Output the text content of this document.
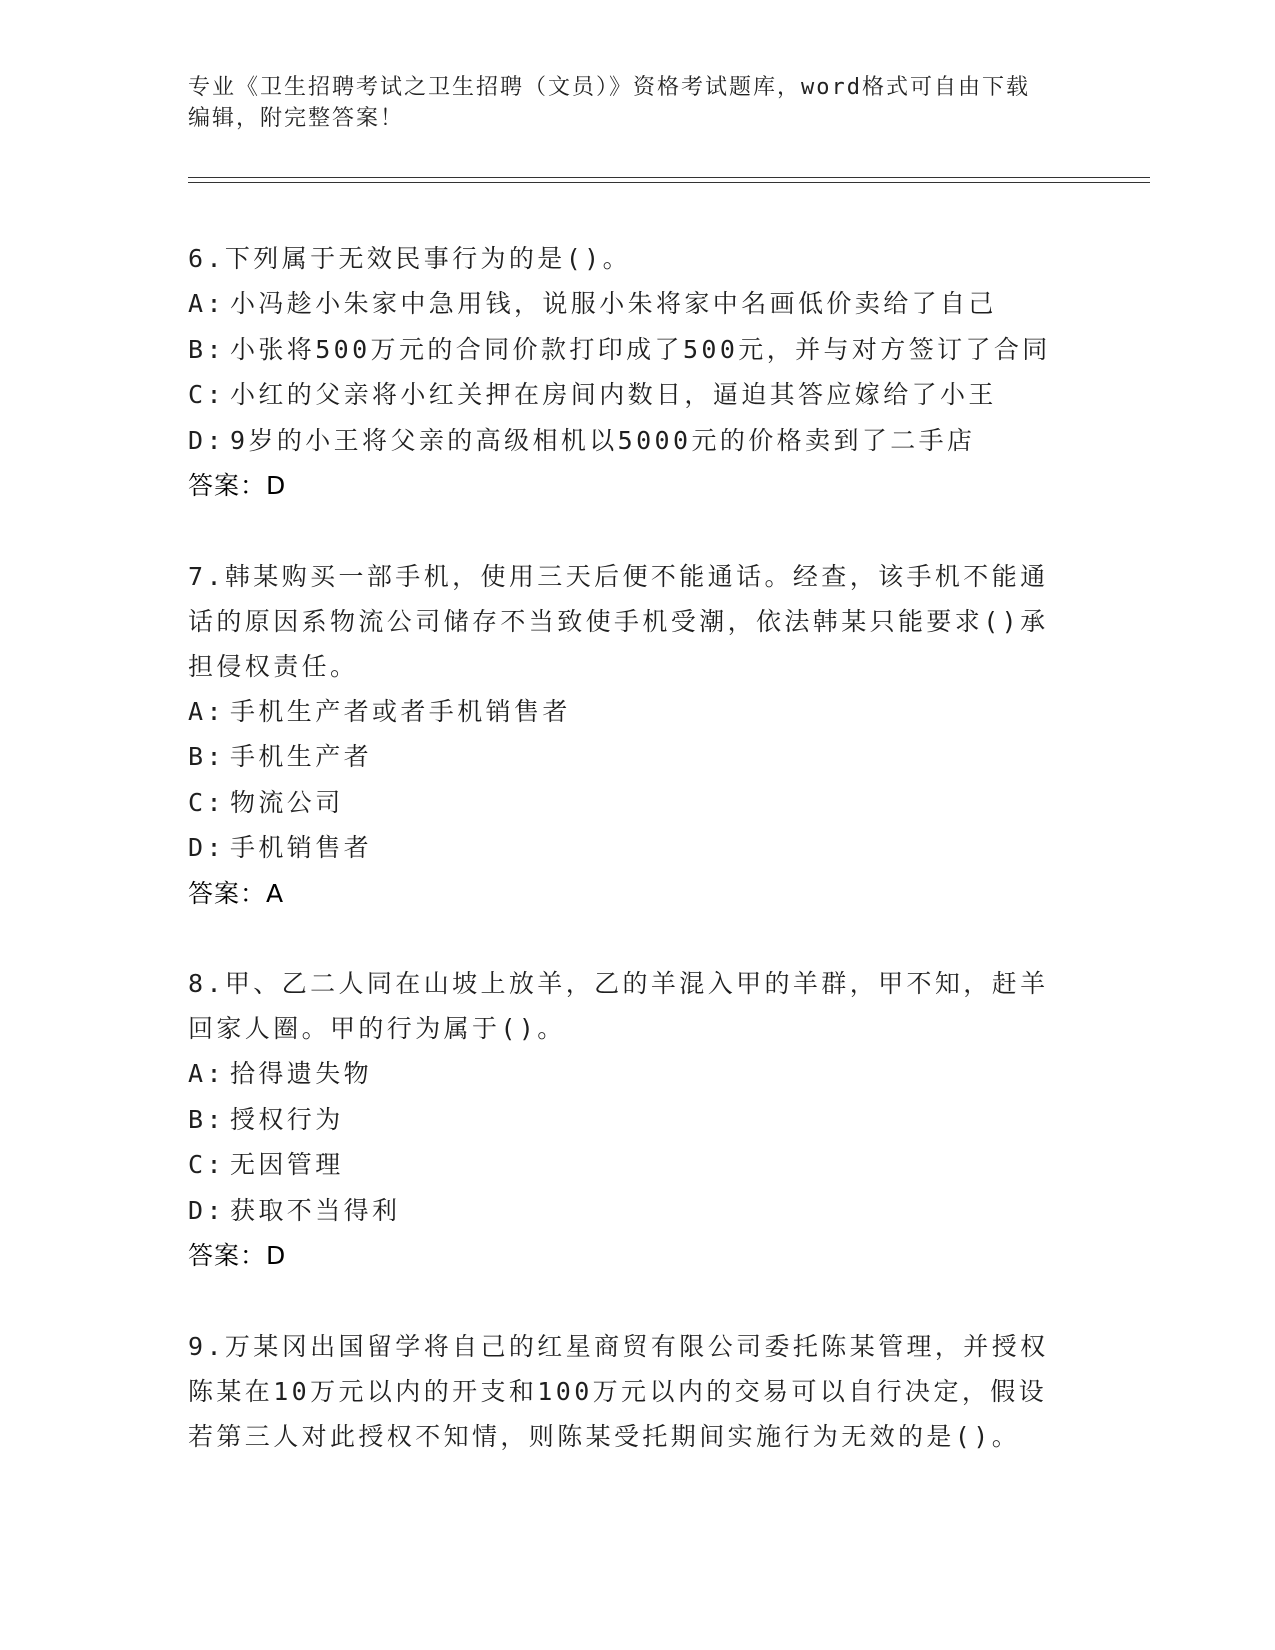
专业《卫生招聘考试之卫生招聘（文员）》资格考试题库，word格式可自由下载
编辑，附完整答案！

6.下列属于无效民事行为的是()。

A: 小冯趁小朱家中急用钱，说服小朱将家中名画低价卖给了自己

B: 小张将500万元的合同价款打印成了500元，并与对方签订了合同

C: 小红的父亲将小红关押在房间内数日，逼迫其答应嫁给了小王

D: 9岁的小王将父亲的高级相机以5000元的价格卖到了二手店

答案：D

7.韩某购买一部手机，使用三天后便不能通话。经查，该手机不能通话的原因系物流公司储存不当致使手机受潮，依法韩某只能要求()承担侵权责任。

A: 手机生产者或者手机销售者

B: 手机生产者

C: 物流公司

D: 手机销售者

答案：A

8.甲、乙二人同在山坡上放羊，乙的羊混入甲的羊群，甲不知，赶羊回家人圈。甲的行为属于()。

A: 拾得遗失物

B: 授权行为

C: 无因管理

D: 获取不当得利

答案：D

9.万某冈出国留学将自己的红星商贸有限公司委托陈某管理，并授权陈某在10万元以内的开支和100万元以内的交易可以自行决定，假设若第三人对此授权不知情，则陈某受托期间实施行为无效的是()。
